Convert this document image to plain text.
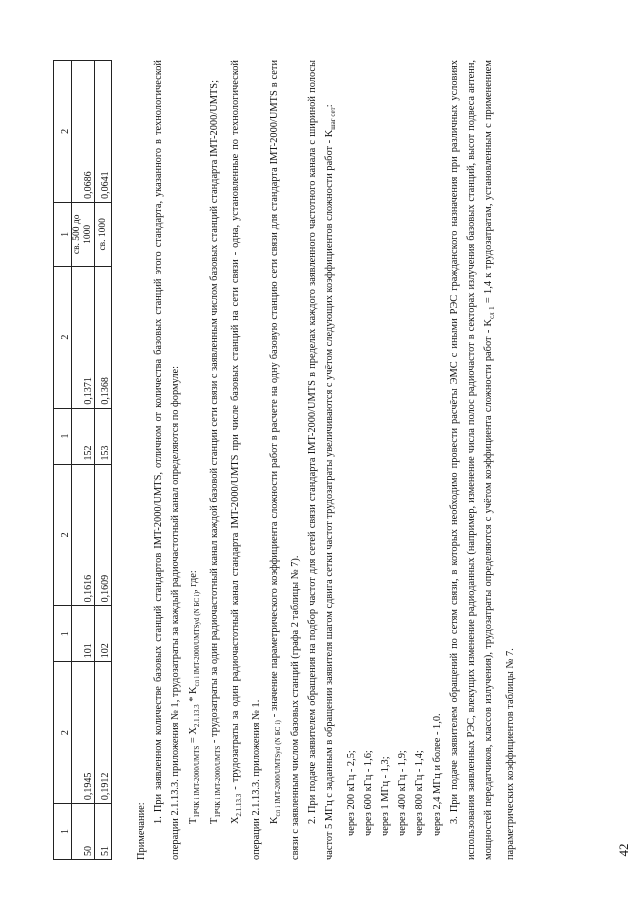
42
1	2	1	2	1	2	1	2
50	0,1945	101	0,1616	152	0,1371	св. 500 до 1000	0,0686
51	0,1912	102	0,1609	153	0,1368	св. 1000	0,0641

Примечание:

1. При заявленном количестве базовых станций стандартов IMT-2000/UMTS, отличном от количества базовых станций этого стандарта, указанного в технологической операции 2.1.13.3. приложения № 1, трудозатраты за каждый радиочастотный канал определяются по формуле: $Т_{1РЧК i IMT-2000/UMTS} = X_{2.1.13.3} * K_{сл i IMT-2000/UMTSyd (N БС i)}$, где:

$Т_{1РЧК i IMT-2000/UMTS}$ - трудозатраты за один радиочастотный канал каждой базовой станции сети связи с заявленным числом базовых станций стандарта IMT-2000/UMTS;

$X_{2.1.13.3}$ - трудозатраты за один радиочастотный канал стандарта IMT-2000/UMTS при числе базовых станций на сети связи - одна, установленные по технологической операции 2.1.13.3. приложения № 1. $K_{сл i IMT-2000/UMTSyd (N БС i)}$ - значение параметрического коэффициента сложности работ в расчете на одну базовую станцию сети связи для стандарта IMT-2000/UMTS в сети связи с заявленным числом базовых станций (графа 2 таблицы № 7). 2. При подаче заявителем обращения на подбор частот для сетей связи стандарта IMT-2000/UMTS в пределах каждого заявленного частотного канала с шириной полосы частот 5 МГц с заданным в обращении заявителя шагом сдвига сетки частот трудозатраты увеличиваются с учётом следующих коэффициентов сложности работ - $K_{шаг сет}$:

через 200 кГц - 2,5; через 600 кГц - 1,6; через 1 МГц - 1,3; через 400 кГц - 1,9; через 800 кГц - 1,4; через 2,4 МГц и более - 1,0. 3. При подаче заявителем обращений по сетям связи, в которых необходимо провести расчёты ЭМС с иными РЭС гражданского назначения при различных условиях использования заявленных РЭС, влекущих изменение радиоданных (например, изменение числа полос радиочастот в секторах излучения базовых станций, высот подвеса антенн, мощностей передатчиков, классов излучения), трудозатраты определяются с учётом коэффициента сложности работ - $K_{сл 1} = 1,4$ к трудозатратам, установленным с применением параметрических коэффициентов таблицы № 7.
